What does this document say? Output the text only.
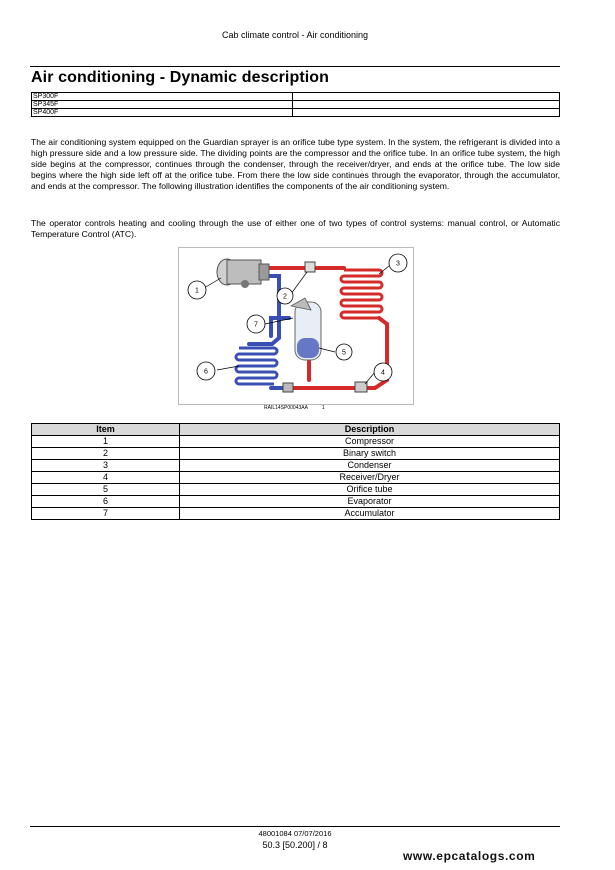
Cab climate control - Air conditioning
Air conditioning - Dynamic description
SP300F	
SP345F	
SP400F	
The air conditioning system equipped on the Guardian sprayer is an orifice tube type system. In the system, the refrigerant is divided into a high pressure side and a low pressure side. The dividing points are the compressor and the orifice tube. In an orifice tube system, the high side begins at the compressor, continues through the condenser, through the receiver/dryer, and ends at the orifice tube. The low side begins where the high side left off at the orifice tube. From there the low side continues through the evaporator, through the accumulator, and ends at the compressor. The following illustration identifies the components of the air conditioning system.
The operator controls heating and cooling through the use of either one of two types of control systems: manual control, or Automatic Temperature Control (ATC).
1
2
3
4
5
6
7
RAIL14SP00043AA	1
Item	Description
1	Compressor
2	Binary switch
3	Condenser
4	Receiver/Dryer
5	Orifice tube
6	Evaporator
7	Accumulator
48001084 07/07/2016
50.3 [50.200] / 8
www.epcatalogs.com
